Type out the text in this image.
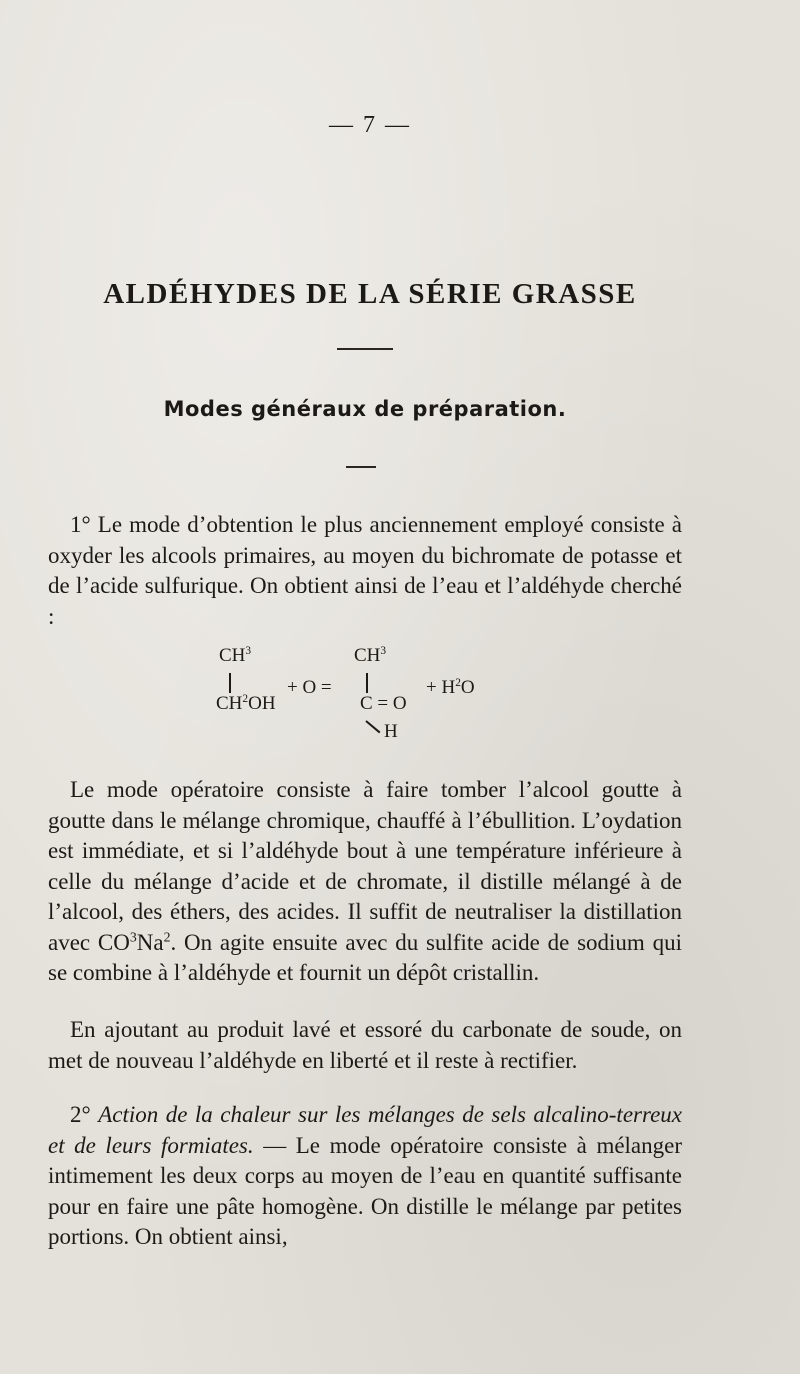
— 7 —
ALDÉHYDES DE LA SÉRIE GRASSE
Modes généraux de préparation.
1° Le mode d’obtention le plus anciennement employé consiste à oxyder les alcools primaires, au moyen du bichromate de potasse et de l’acide sulfurique. On obtient ainsi de l’eau et l’aldéhyde cherché :
$CH^3$
$CH^2OH$
+ O =
$CH^3$
C = O
H
+ $H^2O$
Le mode opératoire consiste à faire tomber l’alcool goutte à goutte dans le mélange chromique, chauffé à l’ébullition. L’oydation est immédiate, et si l’aldéhyde bout à une température inférieure à celle du mélange d’acide et de chromate, il distille mélangé à de l’alcool, des éthers, des acides. Il suffit de neutraliser la distillation avec $CO^3Na^2$. On agite ensuite avec du sulfite acide de sodium qui se combine à l’aldéhyde et fournit un dépôt cristallin.
En ajoutant au produit lavé et essoré du carbonate de soude, on met de nouveau l’aldéhyde en liberté et il reste à rectifier.
2° Action de la chaleur sur les mélanges de sels alcalino-terreux et de leurs formiates. — Le mode opératoire consiste à mélanger intimement les deux corps au moyen de l’eau en quantité suffisante pour en faire une pâte homogène. On distille le mélange par petites portions. On obtient ainsi,
